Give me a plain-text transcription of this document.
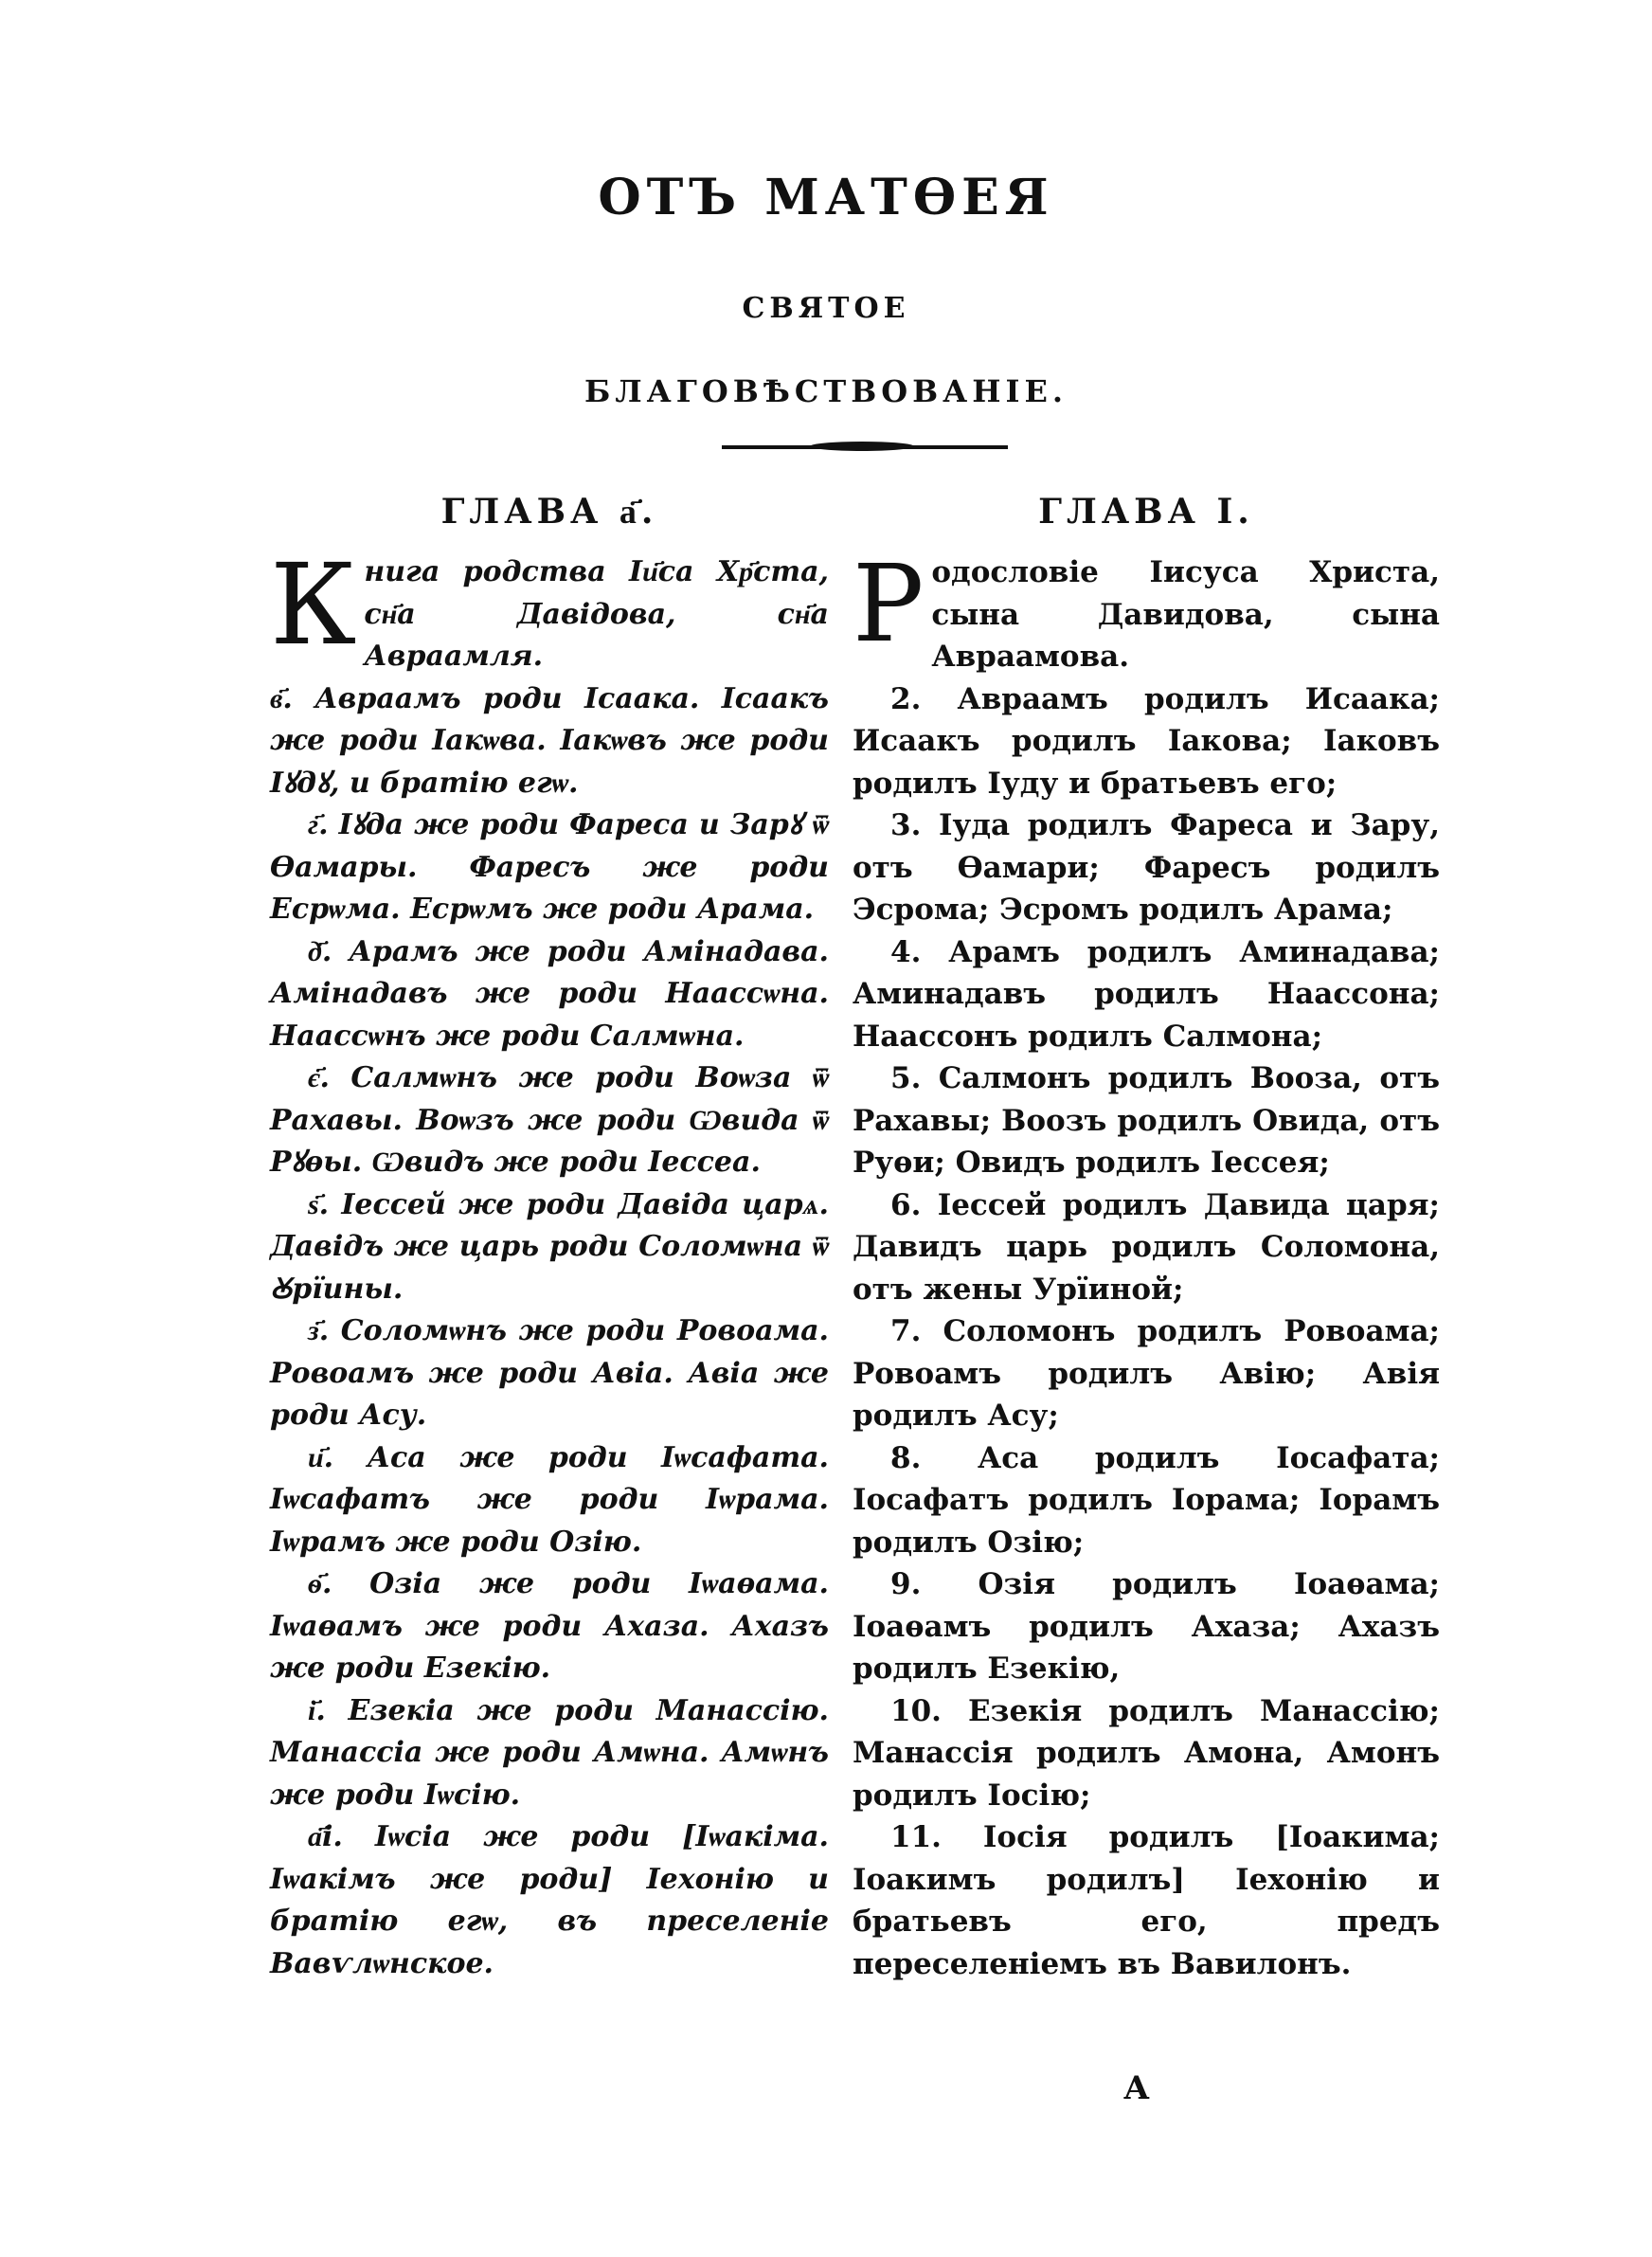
ОТЪ МАТѲЕЯ
СВЯТОЕ
БЛАГОВѢСТВОВАНІЕ.
ГЛАВА а҃.

Книга родства Іи҃са Хр҃ста, сн҃а Давідова, сн҃а Авраамля.

в҃. Авраамъ роди Ісаака. Ісаакъ же роди Іакѡва. Іакѡвъ же роди Іꙋдꙋ, и братію егѡ.

г҃. Іꙋда же роди Фареса и Зарꙋ ѿ Ѳамары. Фаресъ же роди Есрѡма. Есрѡмъ же роди Арама.

д҃. Арамъ же роди Амінадава. Амінадавъ же роди Наассѡна. Наассѡнъ же роди Салмѡна.

є҃. Салмѡнъ же роди Воѡза ѿ Рахавы. Воѡзъ же роди Ѡвида ѿ Рꙋѳы. Ѡвидъ же роди Іессеа.

ѕ҃. Іессей же роди Давіда царѧ. Давідъ же царь роди Соломѡна ѿ Ꙋрїины.

з҃. Соломѡнъ же роди Ровоама. Ровоамъ же роди Авіа. Авіа же роди Асу.

и҃. Аса же роди Іѡсафата. Іѡсафатъ же роди Іѡрама. Іѡрамъ же роди Озію.

ѳ҃. Озіа же роди Іѡаѳама. Іѡаѳамъ же роди Ахаза. Ахазъ же роди Езекію.

і҃. Езекіа же роди Манассію. Манассіа же роди Амѡна. Амѡнъ же роди Іѡсію.

а҃і. Іѡсіа же роди [Іѡакіма. Іѡакімъ же роди] Іехонію и братію егѡ, въ преселеніе Вавѵлѡнское.

ГЛАВА I.

Родословіе Іисуса Христа, сына Давидова, сына Авраамова.

2. Авраамъ родилъ Исаака; Исаакъ родилъ Іакова; Іаковъ родилъ Іуду и братьевъ его;

3. Іуда родилъ Фареса и Зару, отъ Ѳамари; Фаресъ родилъ Эсрома; Эсромъ родилъ Арама;

4. Арамъ родилъ Аминадава; Аминадавъ родилъ Наассона; Наассонъ родилъ Салмона;

5. Салмонъ родилъ Вооза, отъ Рахавы; Воозъ родилъ Овида, отъ Руѳи; Овидъ родилъ Іессея;

6. Іессей родилъ Давида царя; Давидъ царь родилъ Соломона, отъ жены Урїиной;

7. Соломонъ родилъ Ровоама; Ровоамъ родилъ Авію; Авія родилъ Асу;

8. Аса родилъ Іосафата; Іосафатъ родилъ Іорама; Іорамъ родилъ Озію;

9. Озія родилъ Іоаѳама; Іоаѳамъ родилъ Ахаза; Ахазъ родилъ Езекію,

10. Езекія родилъ Манассію; Манассія родилъ Амона, Амонъ родилъ Іосію;

11. Іосія родилъ [Іоакима; Іоакимъ родилъ] Іехонію и братьевъ его, предъ переселеніемъ въ Вавилонъ.

А
